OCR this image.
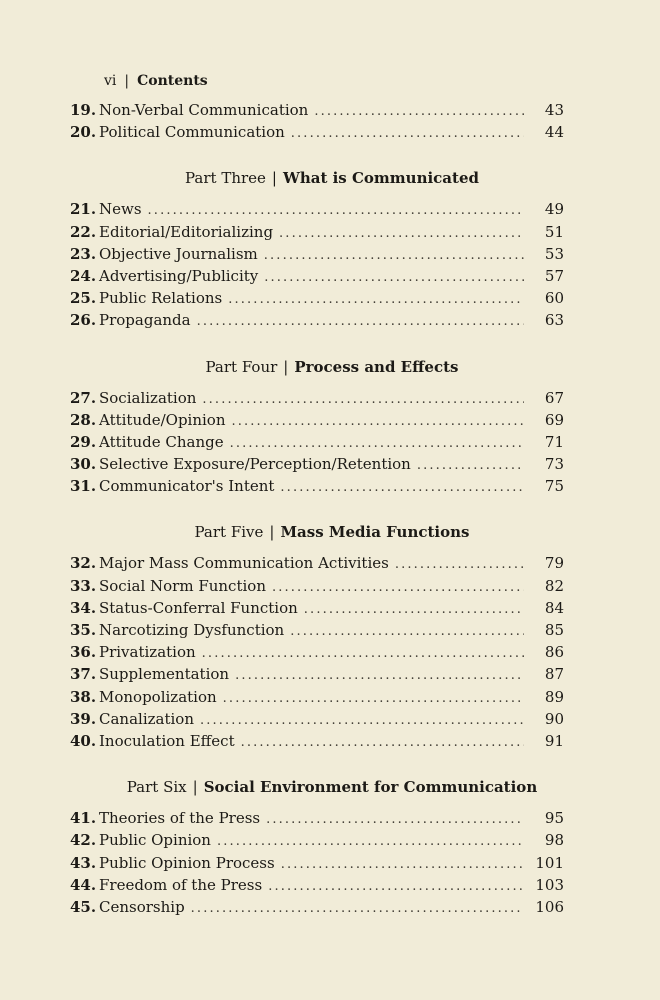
vi | Contents
19. Non-Verbal Communication . . .	43
20. Political Communication . . .	44
Part Three | What is Communicated
21. News . . .	49
22. Editorial/Editorializing . . .	51
23. Objective Journalism . . .	53
24. Advertising/Publicity . . .	57
25. Public Relations . . .	60
26. Propaganda . . .	63
Part Four | Process and Effects
27. Socialization . . .	67
28. Attitude/Opinion . . .	69
29. Attitude Change . . .	71
30. Selective Exposure/Perception/Retention . . .	73
31. Communicator's Intent . . .	75
Part Five | Mass Media Functions
32. Major Mass Communication Activities . . .	79
33. Social Norm Function . . .	82
34. Status-Conferral Function . . .	84
35. Narcotizing Dysfunction . . .	85
36. Privatization . . .	86
37. Supplementation . . .	87
38. Monopolization . . .	89
39. Canalization . . .	90
40. Inoculation Effect . . .	91
Part Six | Social Environment for Communication
41. Theories of the Press . . .	95
42. Public Opinion . . .	98
43. Public Opinion Process . . .	101
44. Freedom of the Press . . .	103
45. Censorship . . .	106
